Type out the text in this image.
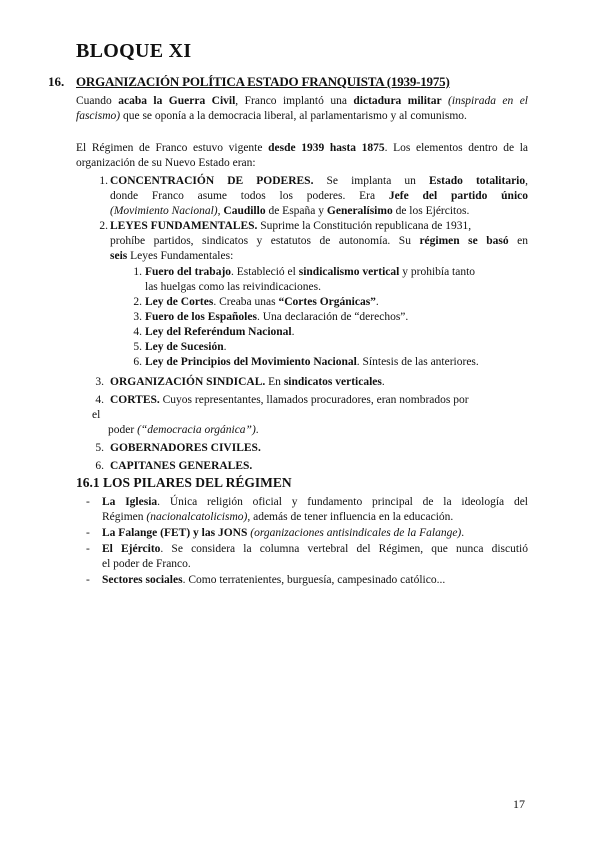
BLOQUE XI
16. ORGANIZACIÓN POLÍTICA ESTADO FRANQUISTA (1939-1975)
Cuando acaba la Guerra Civil, Franco implantó una dictadura militar (inspirada en el fascismo) que se oponía a la democracia liberal, al parlamentarismo y al comunismo.
El Régimen de Franco estuvo vigente desde 1939 hasta 1875. Los elementos dentro de la organización de su Nuevo Estado eran:
1. CONCENTRACIÓN DE PODERES. Se implanta un Estado totalitario,
donde Franco asume todos los poderes. Era Jefe del partido único
(Movimiento Nacional), Caudillo de España y Generalísimo de los Ejércitos.
2. LEYES FUNDAMENTALES. Suprime la Constitución republicana de 1931,
prohíbe partidos, sindicatos y estatutos de autonomía. Su régimen se basó en
seis Leyes Fundamentales:
1. Fuero del trabajo. Estableció el sindicalismo vertical y prohibía tanto
las huelgas como las reivindicaciones.
2. Ley de Cortes. Creaba unas “Cortes Orgánicas”.
3. Fuero de los Españoles. Una declaración de “derechos”.
4. Ley del Referéndum Nacional.
5. Ley de Sucesión.
6. Ley de Principios del Movimiento Nacional. Síntesis de las anteriores.
3. ORGANIZACIÓN SINDICAL. En sindicatos verticales.
4. CORTES. Cuyos representantes, llamados procuradores, eran nombrados por
el
poder (“democracia orgánica”).
5. GOBERNADORES CIVILES.
6. CAPITANES GENERALES.
16.1 LOS PILARES DEL RÉGIMEN
- La Iglesia. Única religión oficial y fundamento principal de la ideología del
Régimen (nacionalcatolicismo), además de tener influencia en la educación.
- La Falange (FET) y las JONS (organizaciones antisindicales de la Falange).
- El Ejército. Se considera la columna vertebral del Régimen, que nunca discutió
el poder de Franco.
- Sectores sociales. Como terratenientes, burguesía, campesinado católico...
17
